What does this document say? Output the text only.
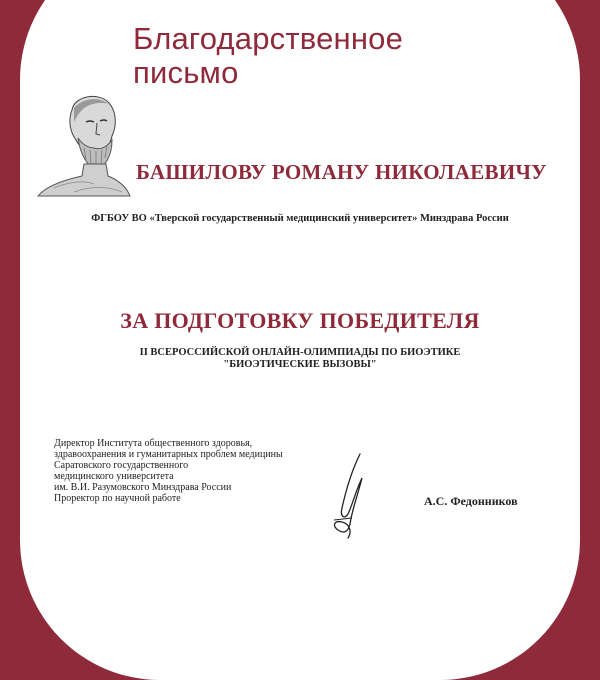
Благодарственное
письмо
БАШИЛОВУ РОМАНУ НИКОЛАЕВИЧУ
ФГБОУ ВО «Тверской государственный медицинский университет» Минздрава России
ЗА ПОДГОТОВКУ ПОБЕДИТЕЛЯ
II ВСЕРОССИЙСКОЙ ОНЛАЙН-ОЛИМПИАДЫ ПО БИОЭТИКЕ
"БИОЭТИЧЕСКИЕ ВЫЗОВЫ"
Директор Института общественного здоровья,
здравоохранения и гуманитарных проблем медицины
Саратовского государственного
медицинского университета
им. В.И. Разумовского Минздрава России
Проректор по научной работе	А.С. Федонников
